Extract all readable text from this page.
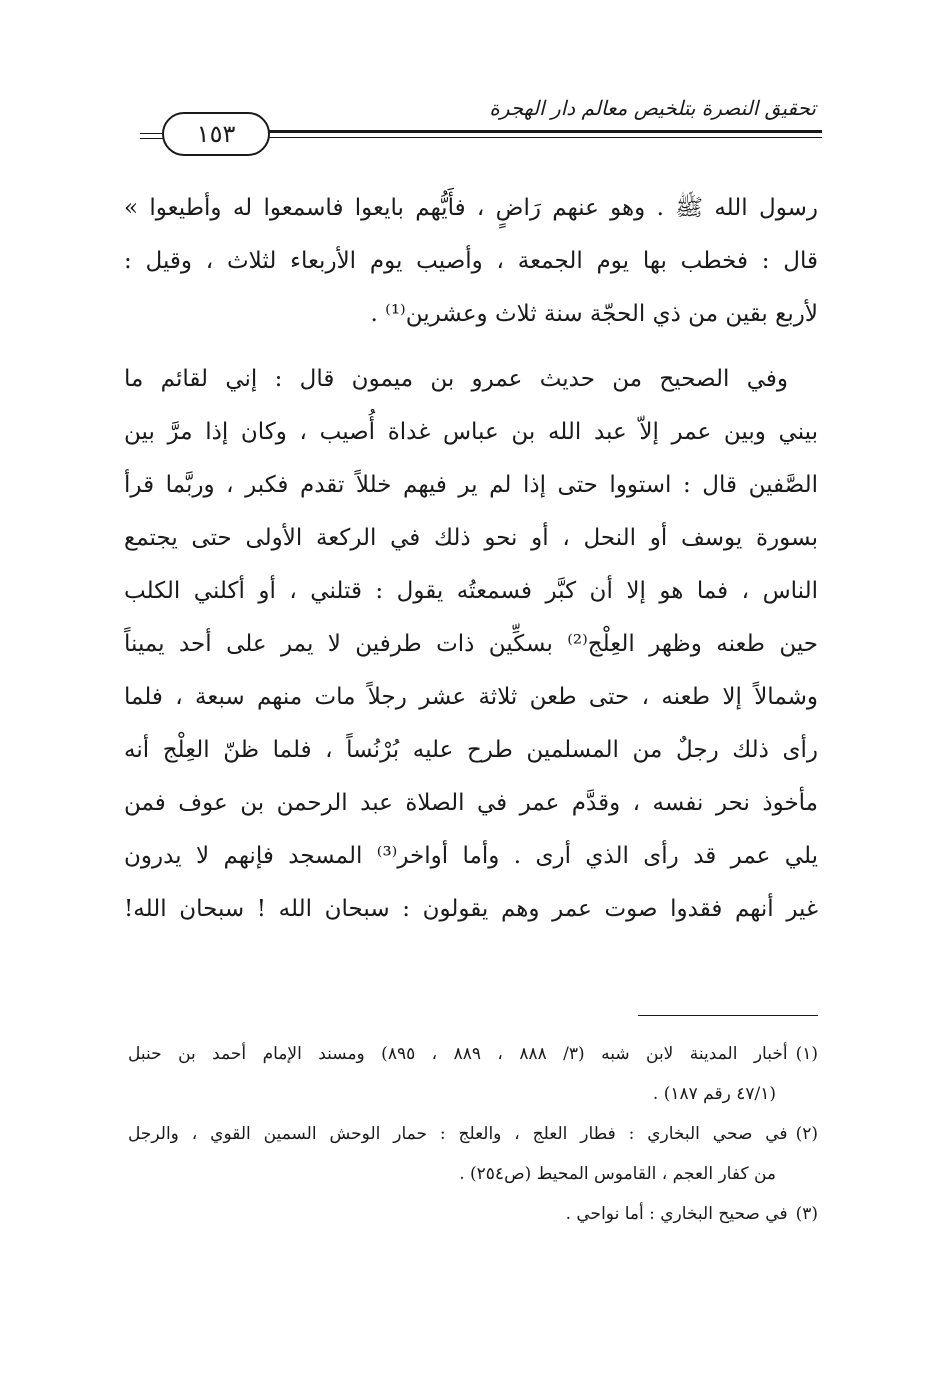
تحقيق النصرة بتلخيص معالم دار الهجرة
١٥٣
رسول الله ﷺ . وهو عنهم رَاضٍ ، فأَيُّهم بايعوا فاسمعوا له وأطيعوا »
قال : فخطب بها يوم الجمعة ، وأصيب يوم الأربعاء لثلاث ، وقيل :
لأربع بقين من ذي الحجّة سنة ثلاث وعشرين⁽¹⁾ .
وفي الصحيح من حديث عمرو بن ميمون قال : إني لقائم ما
بيني وبين عمر إلاّ عبد الله بن عباس غداة أُصيب ، وكان إذا مرَّ بين
الصَّفين قال : استووا حتى إذا لم ير فيهم خللاً تقدم فكبر ، وربَّما قرأ
بسورة يوسف أو النحل ، أو نحو ذلك في الركعة الأولى حتى يجتمع
الناس ، فما هو إلا أن كبَّر فسمعتُه يقول : قتلني ، أو أكلني الكلب
حين طعنه وظهر العِلْج⁽²⁾ بسكِّين ذات طرفين لا يمر على أحد يميناً
وشمالاً إلا طعنه ، حتى طعن ثلاثة عشر رجلاً مات منهم سبعة ، فلما
رأى ذلك رجلٌ من المسلمين طرح عليه بُرْنُساً ، فلما ظنّ العِلْج أنه
مأخوذ نحر نفسه ، وقدَّم عمر في الصلاة عبد الرحمن بن عوف فمن
يلي عمر قد رأى الذي أرى . وأما أواخر⁽³⁾ المسجد فإنهم لا يدرون
غير أنهم فقدوا صوت عمر وهم يقولون : سبحان الله ! سبحان الله!
(١)أخبار المدينة لابن شبه (٣/ ٨٨٨ ، ٨٨٩ ، ٨٩٥) ومسند الإمام أحمد بن حنبل
(٤٧/١ رقم ١٨٧) .
(٢)في صحي البخاري : فطار العلج ، والعلج : حمار الوحش السمين القوي ، والرجل
من كفار العجم ، القاموس المحيط (ص٢٥٤) .
(٣)في صحيح البخاري : أما نواحي .
